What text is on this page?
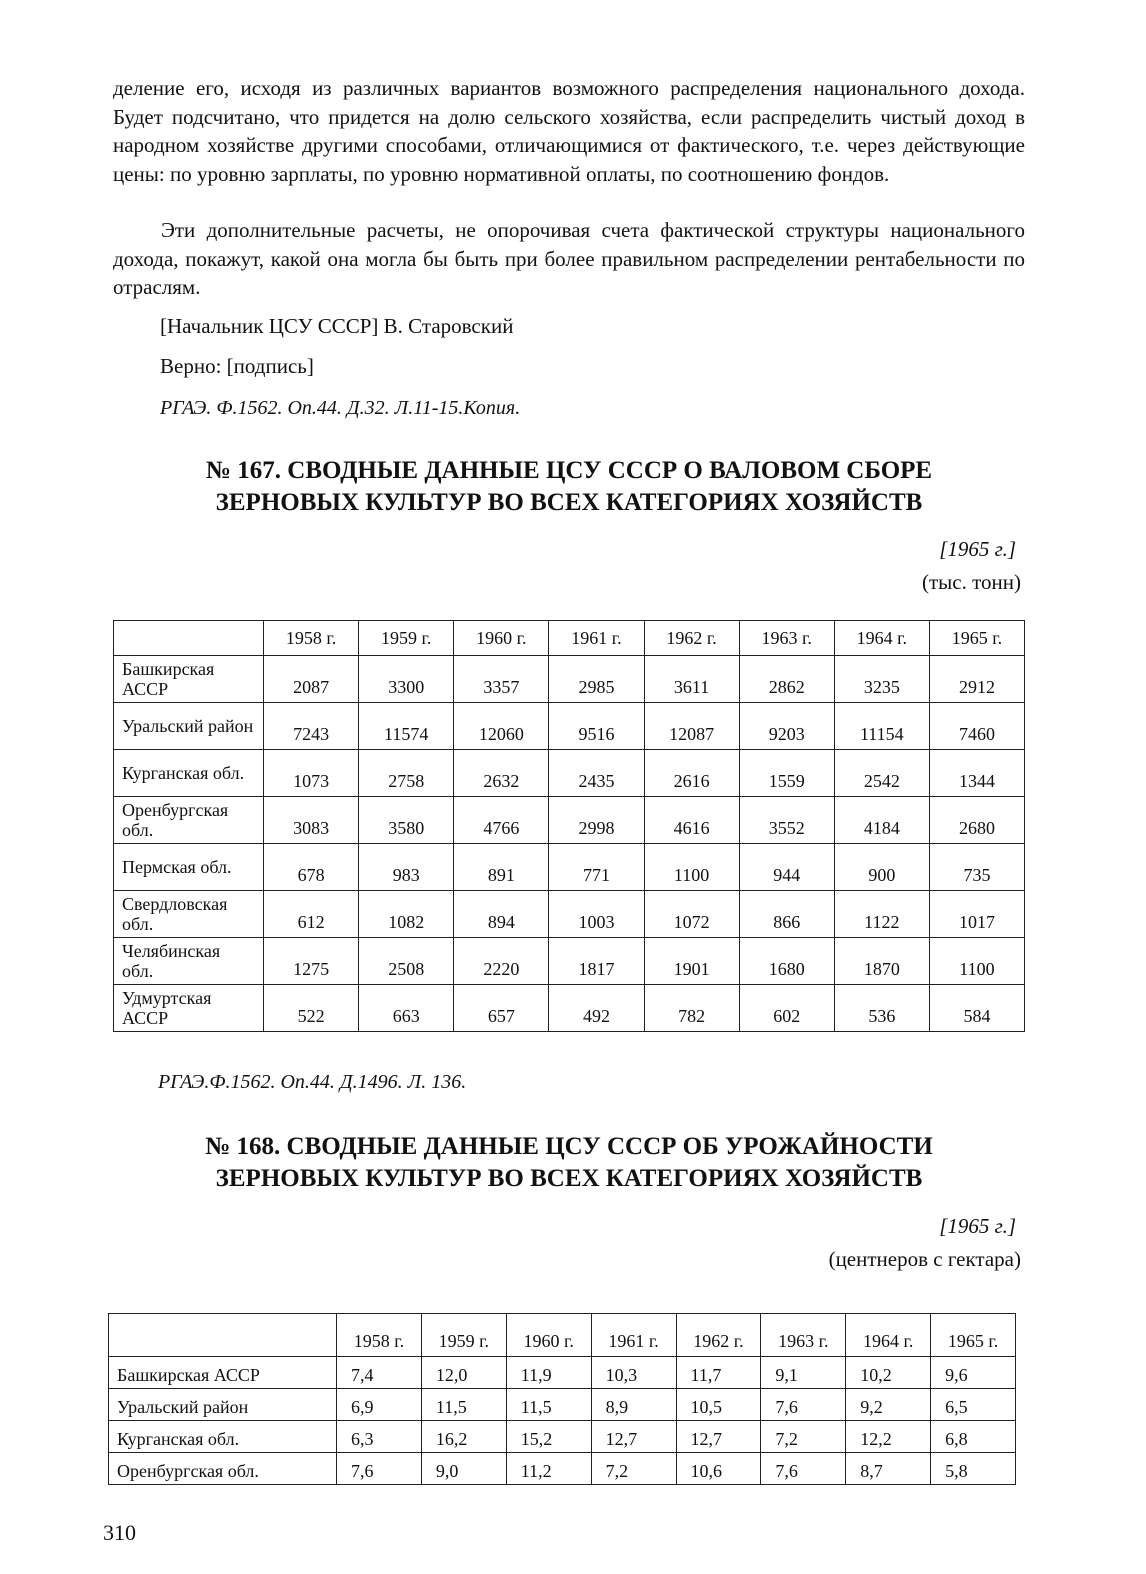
деление его, исходя из различных вариантов возможного распределения национального дохода. Будет подсчитано, что придется на долю сельского хозяйства, если распределить чистый доход в народном хозяйстве другими способами, отличающимися от фактического, т.е. через действующие цены: по уровню зарплаты, по уровню нормативной оплаты, по соотношению фондов.
Эти дополнительные расчеты, не опорочивая счета фактической структуры национального дохода, покажут, какой она могла бы быть при более правильном распределении рентабельности по отраслям.
[Начальник ЦСУ СССР] В. Старовский
Верно: [подпись]
РГАЭ. Ф.1562. Оп.44. Д.32. Л.11-15.Копия.
№ 167. СВОДНЫЕ ДАННЫЕ ЦСУ СССР О ВАЛОВОМ СБОРЕ
ЗЕРНОВЫХ КУЛЬТУР ВО ВСЕХ КАТЕГОРИЯХ ХОЗЯЙСТВ
[1965 г.]
(тыс. тонн)
	1958 г.	1959 г.	1960 г.	1961 г.	1962 г.	1963 г.	1964 г.	1965 г.
Башкирская
АССР	2087	3300	3357	2985	3611	2862	3235	2912
Уральский район	7243	11574	12060	9516	12087	9203	11154	7460
Курганская обл.	1073	2758	2632	2435	2616	1559	2542	1344
Оренбургская
обл.	3083	3580	4766	2998	4616	3552	4184	2680
Пермская обл.	678	983	891	771	1100	944	900	735
Свердловская
обл.	612	1082	894	1003	1072	866	1122	1017
Челябинская
обл.	1275	2508	2220	1817	1901	1680	1870	1100
Удмуртская
АССР	522	663	657	492	782	602	536	584
РГАЭ.Ф.1562. Оп.44. Д.1496. Л. 136.
№ 168. СВОДНЫЕ ДАННЫЕ ЦСУ СССР ОБ УРОЖАЙНОСТИ
ЗЕРНОВЫХ КУЛЬТУР ВО ВСЕХ КАТЕГОРИЯХ ХОЗЯЙСТВ
[1965 г.]
(центнеров с гектара)
	1958 г.	1959 г.	1960 г.	1961 г.	1962 г.	1963 г.	1964 г.	1965 г.
Башкирская АССР	7,4	12,0	11,9	10,3	11,7	9,1	10,2	9,6
Уральский район	6,9	11,5	11,5	8,9	10,5	7,6	9,2	6,5
Курганская обл.	6,3	16,2	15,2	12,7	12,7	7,2	12,2	6,8
Оренбургская обл.	7,6	9,0	11,2	7,2	10,6	7,6	8,7	5,8
310
